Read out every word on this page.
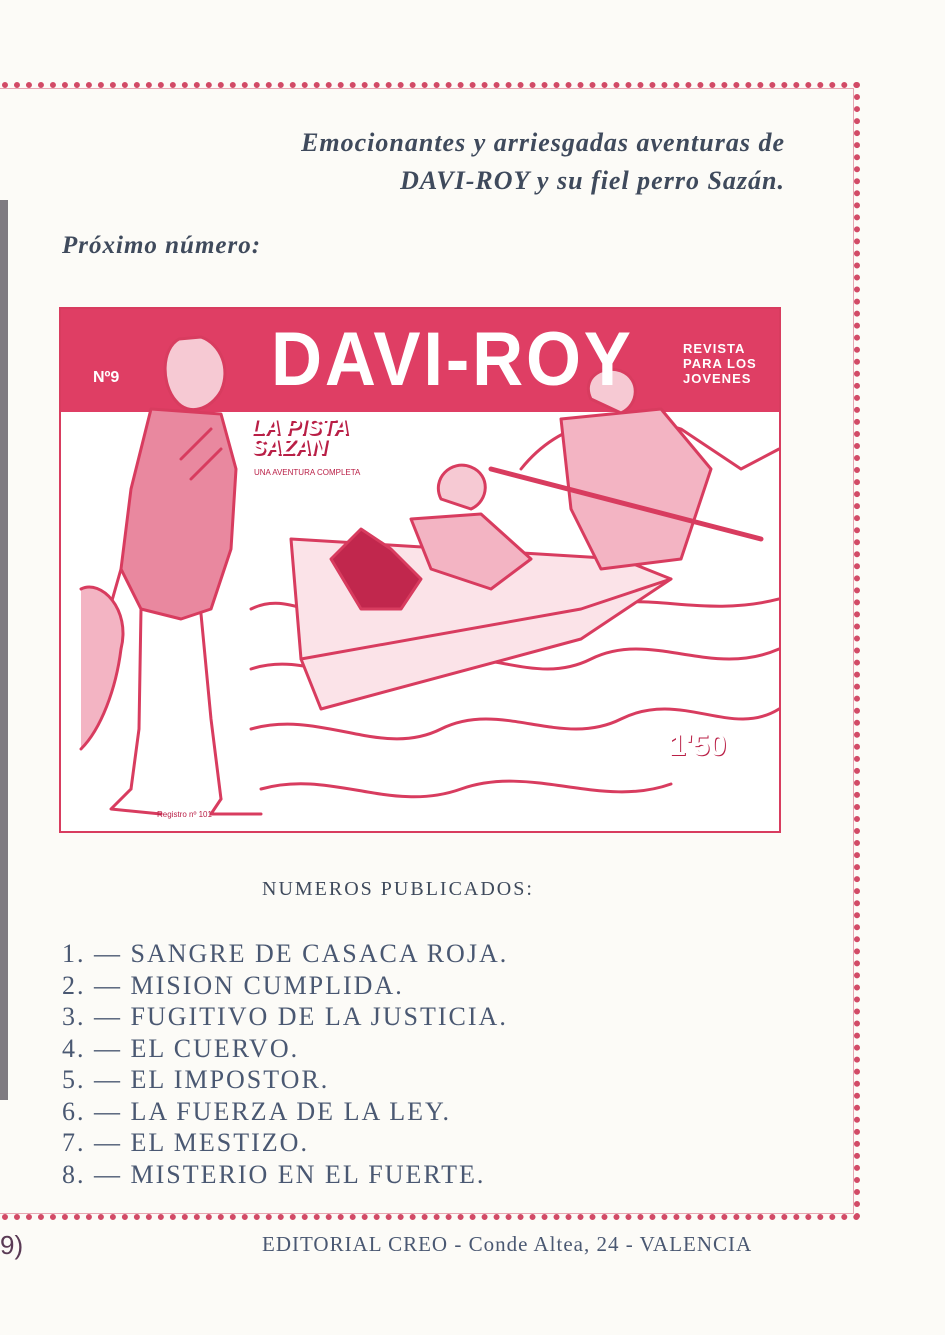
Emocionantes y arriesgadas aventuras de
DAVI-ROY y su fiel perro Sazán.
Próximo número:
Nº9 DAVI-ROY	REVISTA
PARA LOS
JOVENES
LA PISTA
SAZAN
UNA AVENTURA COMPLETA
1'50
PTAS.
Registro nº 101
NUMEROS PUBLICADOS:
1. — SANGRE DE CASACA ROJA.
2. — MISION CUMPLIDA.
3. — FUGITIVO DE LA JUSTICIA.
4. — EL CUERVO.
5. — EL IMPOSTOR.
6. — LA FUERZA DE LA LEY.
7. — EL MESTIZO.
8. — MISTERIO EN EL FUERTE.
9)	EDITORIAL CREO - Conde Altea, 24 - VALENCIA
